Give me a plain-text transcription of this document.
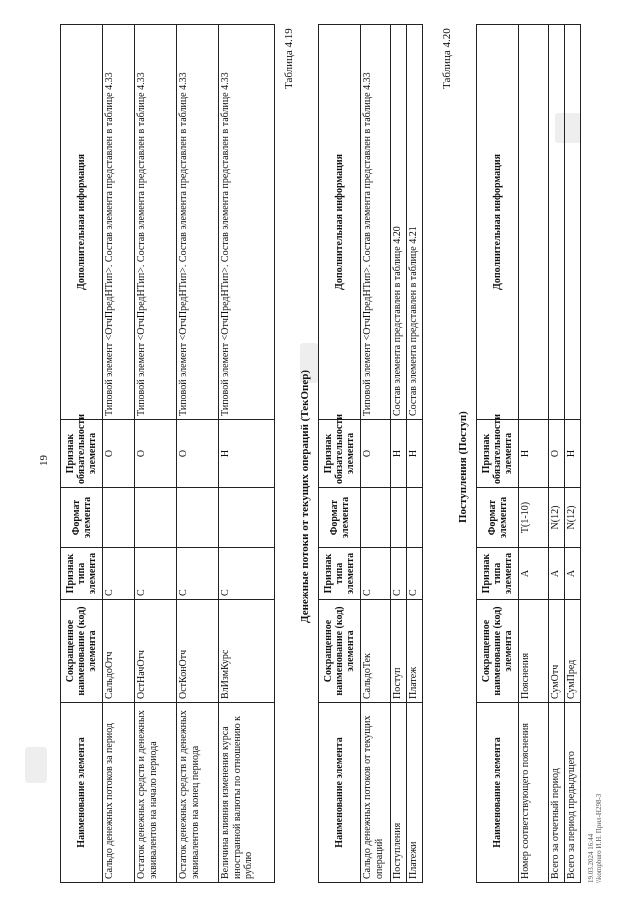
19
Наименование элемента	Сокращенное наименование (код) элемента	Признак типа элемента	Формат элемента	Признак обязательности элемента	Дополнительная информация
Сальдо денежных потоков за период	СальдоОтч	С		О	Типовой элемент <ОтчПредНТип>. Состав элемента представлен в таблице 4.33
Остаток денежных средств и денежных эквивалентов на начало периода	ОстНачОтч	С		О	Типовой элемент <ОтчПредНТип>. Состав элемента представлен в таблице 4.33
Остаток денежных средств и денежных эквивалентов на конец периода	ОстКонОтч	С		О	Типовой элемент <ОтчПредНТип>. Состав элемента представлен в таблице 4.33
Величина влияния изменения курса иностранной валюты по отношению к рублю	ВлИзмКурс	С		Н	Типовой элемент <ОтчПредНТип>. Состав элемента представлен в таблице 4.33
Таблица 4.19
Денежные потоки от текущих операций (ТекОпер)
Наименование элемента	Сокращенное наименование (код) элемента	Признак типа элемента	Формат элемента	Признак обязательности элемента	Дополнительная информация
Сальдо денежных потоков от текущих операций	СальдоТек	С		О	Типовой элемент <ОтчПредНТип>. Состав элемента представлен в таблице 4.33
Поступления	Поступ	С		Н	Состав элемента представлен в таблице 4.20
Платежи	Платеж	С		Н	Состав элемента представлен в таблице 4.21
Таблица 4.20
Поступления (Поступ)
Наименование элемента	Сокращенное наименование (код) элемента	Признак типа элемента	Формат элемента	Признак обязательности элемента	Дополнительная информация
Номер соответствующего пояснения	Пояснения	А	T(1-10)	Н	
Всего за отчетный период	СумОтч	А	N(12)	О	
Всего за период предыдущего	СумПред	А	N(12)	Н	
19.03.2024 16:44 \\kompburo И.Н. Прил-Н298-3
